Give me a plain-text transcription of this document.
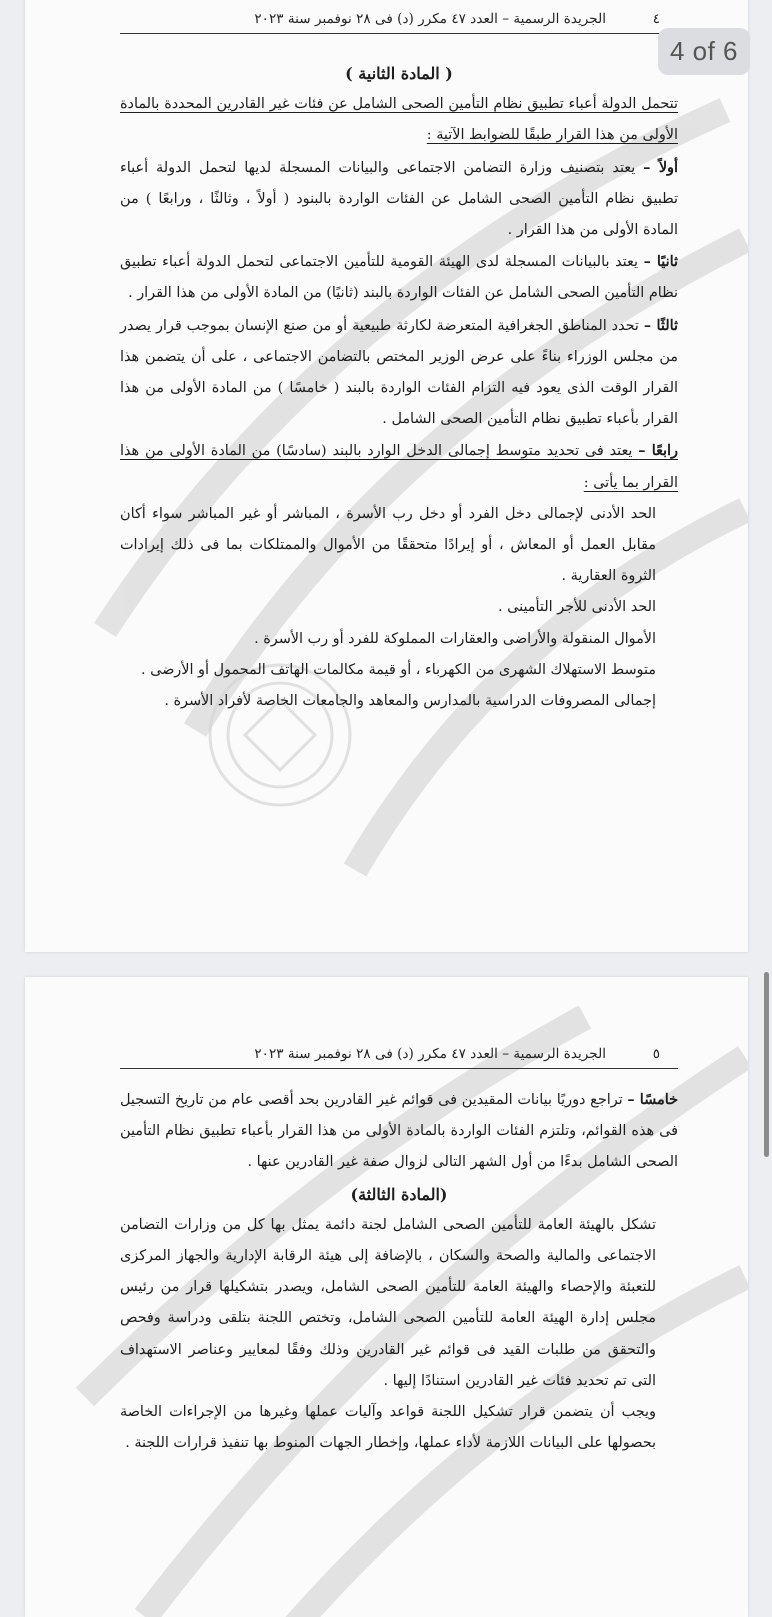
٤
الجريدة الرسمية – العدد ٤٧ مكرر (د) فى ٢٨ نوفمبر سنة ٢٠٢٣

( المادة الثانية )

تتحمل الدولة أعباء تطبيق نظام التأمين الصحى الشامل عن فئات غير القادرين المحددة بالمادة الأولى من هذا القرار طبقًا للضوابط الآتية :

أولاً – يعتد بتصنيف وزارة التضامن الاجتماعى والبيانات المسجلة لديها لتحمل الدولة أعباء تطبيق نظام التأمين الصحى الشامل عن الفئات الواردة بالبنود ( أولاً ، وثالثًا ، ورابعًا ) من المادة الأولى من هذا القرار .

ثانيًا – يعتد بالبيانات المسجلة لدى الهيئة القومية للتأمين الاجتماعى لتحمل الدولة أعباء تطبيق نظام التأمين الصحى الشامل عن الفئات الواردة بالبند (ثانيًا) من المادة الأولى من هذا القرار .

ثالثًا – تحدد المناطق الجغرافية المتعرضة لكارثة طبيعية أو من صنع الإنسان بموجب قرار يصدر من مجلس الوزراء بناءً على عرض الوزير المختص بالتضامن الاجتماعى ، على أن يتضمن هذا القرار الوقت الذى يعود فيه التزام الفئات الواردة بالبند ( خامسًا ) من المادة الأولى من هذا القرار بأعباء تطبيق نظام التأمين الصحى الشامل .

رابعًا – يعتد فى تحديد متوسط إجمالى الدخل الوارد بالبند (سادسًا) من المادة الأولى من هذا القرار بما يأتى :

الحد الأدنى لإجمالى دخل الفرد أو دخل رب الأسرة ، المباشر أو غير المباشر سواء أكان مقابل العمل أو المعاش ، أو إيرادًا متحققًا من الأموال والممتلكات بما فى ذلك إيرادات الثروة العقارية .

الحد الأدنى للأجر التأمينى .

الأموال المنقولة والأراضى والعقارات المملوكة للفرد أو رب الأسرة .

متوسط الاستهلاك الشهرى من الكهرباء ، أو قيمة مكالمات الهاتف المحمول أو الأرضى .

إجمالى المصروفات الدراسية بالمدارس والمعاهد والجامعات الخاصة لأفراد الأسرة .

٥
الجريدة الرسمية – العدد ٤٧ مكرر (د) فى ٢٨ نوفمبر سنة ٢٠٢٣

خامسًا – تراجع دوريًا بيانات المقيدين فى قوائم غير القادرين بحد أقصى عام من تاريخ التسجيل فى هذه القوائم، وتلتزم الفئات الواردة بالمادة الأولى من هذا القرار بأعباء تطبيق نظام التأمين الصحى الشامل بدءًا من أول الشهر التالى لزوال صفة غير القادرين عنها .

(المادة الثالثة)

تشكل بالهيئة العامة للتأمين الصحى الشامل لجنة دائمة يمثل بها كل من وزارات التضامن الاجتماعى والمالية والصحة والسكان ، بالإضافة إلى هيئة الرقابة الإدارية والجهاز المركزى للتعبئة والإحصاء والهيئة العامة للتأمين الصحى الشامل، ويصدر بتشكيلها قرار من رئيس مجلس إدارة الهيئة العامة للتأمين الصحى الشامل، وتختص اللجنة بتلقى ودراسة وفحص والتحقق من طلبات القيد فى قوائم غير القادرين وذلك وفقًا لمعايير وعناصر الاستهداف التى تم تحديد فئات غير القادرين استنادًا إليها .

ويجب أن يتضمن قرار تشكيل اللجنة قواعد وآليات عملها وغيرها من الإجراءات الخاصة بحصولها على البيانات اللازمة لأداء عملها، وإخطار الجهات المنوط بها تنفيذ قرارات اللجنة .

4 of 6
